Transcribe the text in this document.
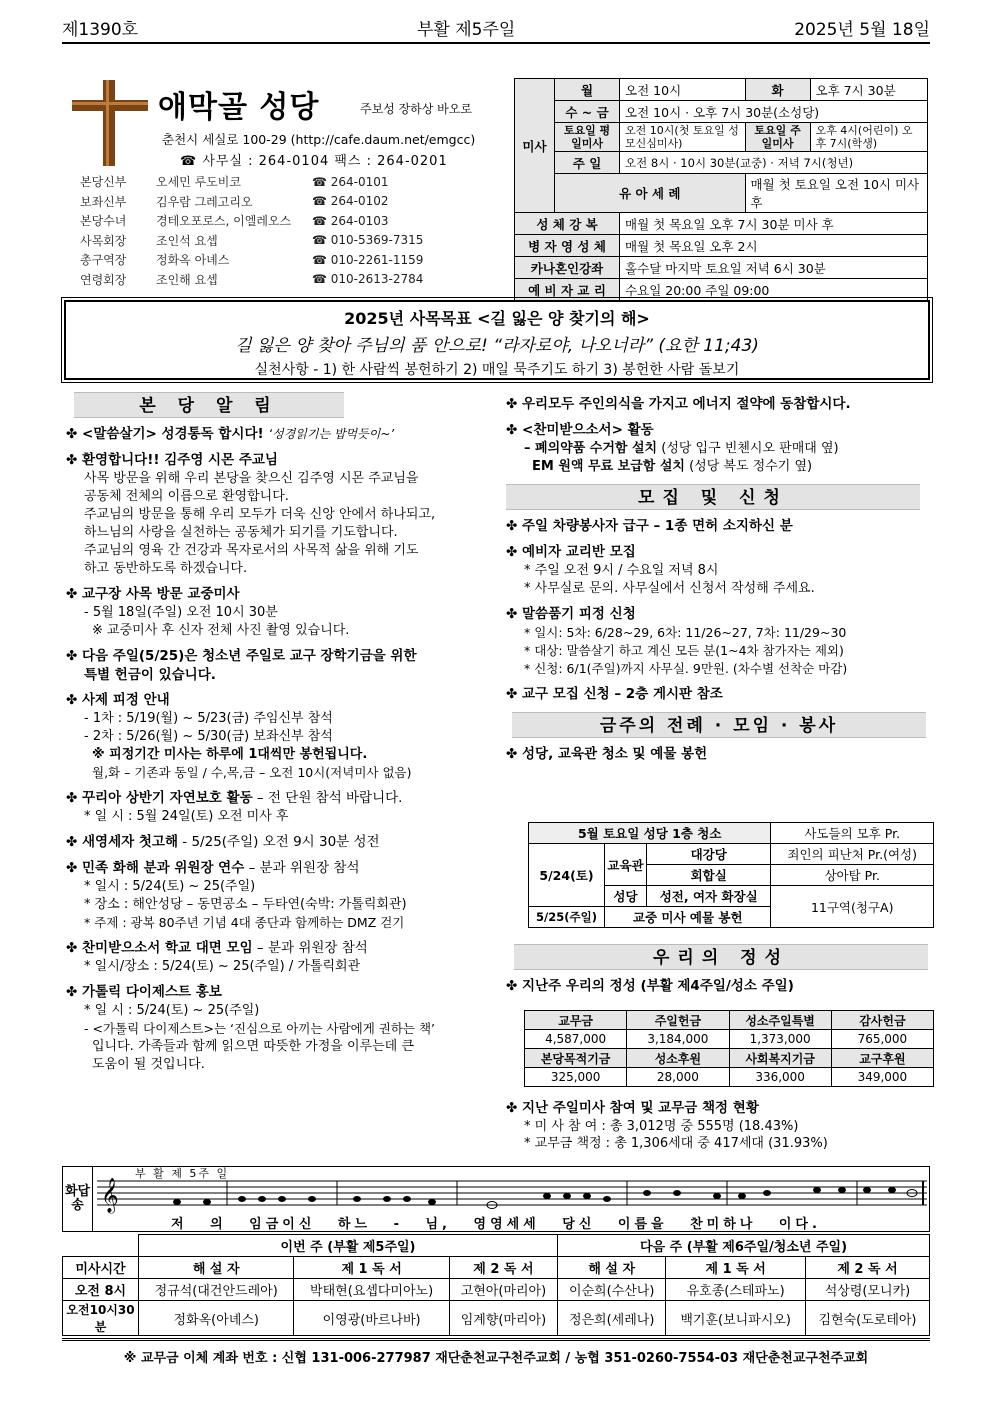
제1390호	부활 제5주일	2025년 5월 18일
애막골 성당	주보성 장하상 바오로
춘천시 세실로 100-29 (http://cafe.daum.net/emgcc)
☎ 사무실 : 264-0104 팩스 : 264-0201
본당신부	오세민 루도비코	☎ 264-0101
보좌신부	김우람 그레고리오	☎ 264-0102
본당수녀	경테오포로스, 이엘레오스	☎ 264-0103
사목회장	조인석 요셉	☎ 010-5369-7315
총구역장	정화옥 아녜스	☎ 010-2261-1159
연령회장	조인해 요셉	☎ 010-2613-2784
미사	월	오전 10시	화	오후 7시 30분
	수 ~ 금	오전 10시 · 오후 7시 30분(소성당)		
	토요일 평일미사	오전 10시(첫 토요일 성모신심미사)	토요일 주일미사	오후 4시(어린이) 오후 7시(학생)
	주 일	오전 8시 · 10시 30분(교중) · 저녁 7시(청년)		
	유 아 세 례		매월 첫 토요일 오전 10시 미사 후	
성 체 강 복		매월 첫 목요일 오후 7시 30분 미사 후		
병 자 영 성 체		매월 첫 목요일 오후 2시		
카나혼인강좌		홀수달 마지막 토요일 저녁 6시 30분		
예 비 자 교 리		수요일 20:00 주일 09:00		
2025년 사목목표 <길 잃은 양 찾기의 해>
길 잃은 양 찾아 주님의 품 안으로! “라자로야, 나오너라” (요한 11;43)
실천사항 - 1) 한 사람씩 봉헌하기 2) 매일 묵주기도 하기 3) 봉헌한 사람 돌보기
본 당 알 림
✤ <말씀살기> 성경통독 합시다! ‘성경읽기는 밥먹듯이~’
✤ 환영합니다!! 김주영 시몬 주교님
사목 방문을 위해 우리 본당을 찾으신 김주영 시몬 주교님을
공동체 전체의 이름으로 환영합니다.
주교님의 방문을 통해 우리 모두가 더욱 신앙 안에서 하나되고,
하느님의 사랑을 실천하는 공동체가 되기를 기도합니다.
주교님의 영육 간 건강과 목자로서의 사목적 삶을 위해 기도
하고 동반하도록 하겠습니다.
✤ 교구장 사목 방문 교중미사
- 5월 18일(주일) 오전 10시 30분
※ 교중미사 후 신자 전체 사진 촬영 있습니다.
✤ 다음 주일(5/25)은 청소년 주일로 교구 장학기금을 위한
특별 헌금이 있습니다.
✤ 사제 피정 안내
- 1차 : 5/19(월) ~ 5/23(금) 주임신부 참석
- 2차 : 5/26(월) ~ 5/30(금) 보좌신부 참석
※ 피정기간 미사는 하루에 1대씩만 봉헌됩니다.
월,화 – 기존과 동일 / 수,목,금 – 오전 10시(저녁미사 없음)
✤ 꾸리아 상반기 자연보호 활동 – 전 단원 참석 바랍니다.
* 일 시 : 5월 24일(토) 오전 미사 후
✤ 새영세자 첫고해 - 5/25(주일) 오전 9시 30분 성전
✤ 민족 화해 분과 위원장 연수 – 분과 위원장 참석
* 일시 : 5/24(토) ~ 25(주일)
* 장소 : 해안성당 – 동면공소 – 두타연(숙박: 가톨릭회관)
* 주제 : 광복 80주년 기념 4대 종단과 함께하는 DMZ 걷기
✤ 찬미받으소서 학교 대면 모임 – 분과 위원장 참석
* 일시/장소 : 5/24(토) ~ 25(주일) / 가톨릭회관
✤ 가톨릭 다이제스트 홍보
* 일 시 : 5/24(토) ~ 25(주일)
- <가톨릭 다이제스트>는 ‘진심으로 아끼는 사람에게 권하는 책’
입니다. 가족들과 함께 읽으면 따뜻한 가정을 이루는데 큰
도움이 될 것입니다.
✤ 우리모두 주인의식을 가지고 에너지 절약에 동참합시다.
✤ <찬미받으소서> 활동
– 폐의약품 수거함 설치 (성당 입구 빈첸시오 판매대 옆)
EM 원액 무료 보급함 설치 (성당 복도 정수기 옆)
모집 및 신청
✤ 주일 차량봉사자 급구 – 1종 면허 소지하신 분
✤ 예비자 교리반 모집
* 주일 오전 9시 / 수요일 저녁 8시
* 사무실로 문의. 사무실에서 신청서 작성해 주세요.
✤ 말씀품기 피정 신청
* 일시: 5차: 6/28~29, 6차: 11/26~27, 7차: 11/29~30
* 대상: 말씀살기 하고 계신 모든 분(1~4차 참가자는 제외)
* 신청: 6/1(주일)까지 사무실. 9만원. (차수별 선착순 마감)
✤ 교구 모집 신청 – 2층 게시판 참조
금주의 전례 · 모임 · 봉사
✤ 성당, 교육관 청소 및 예물 봉헌
5월 토요일 성당 1층 청소			사도들의 모후 Pr.
5/24(토)	교육관	대강당	죄인의 피난처 Pr.(여성)
		회합실	상아탑 Pr.
	성당	성전, 여자 화장실	11구역(청구A)
5/25(주일)	교중 미사 예물 봉헌		
우리의 정성
✤ 지난주 우리의 정성 (부활 제4주일/성소 주일)
교무금	주일헌금	성소주일특별	감사헌금
4,587,000	3,184,000	1,373,000	765,000
본당목적기금	성소후원	사회복지기금	교구후원
325,000	28,000	336,000	349,000
✤ 지난 주일미사 참여 및 교무금 책정 현황
* 미 사 참 여 : 총 3,012명 중 555명 (18.43%)
* 교무금 책정 : 총 1,306세대 중 417세대 (31.93%)
화답송
부 활 제 5주 일
𝄞
저 의 임금이신 하느 - 님, 영영세세 당신 이름을 찬미하나 이다.
	이번 주 (부활 제5주일)			다음 주 (부활 제6주일/청소년 주일)		
미사시간	해 설 자	제 1 독 서	제 2 독 서	해 설 자	제 1 독 서	제 2 독 서
오전 8시	정규석(대건안드레아)	박태현(요셉다미아노)	고현아(마리아)	이순희(수산나)	유호종(스테파노)	석상령(모니카)
오전10시30분	정화옥(아녜스)	이영광(바르나바)	임계향(마리아)	정은희(세레나)	백기훈(보니파시오)	김현숙(도로테아)
※ 교무금 이체 계좌 번호 : 신협 131-006-277987 재단춘천교구천주교회 / 농협 351-0260-7554-03 재단춘천교구천주교회
